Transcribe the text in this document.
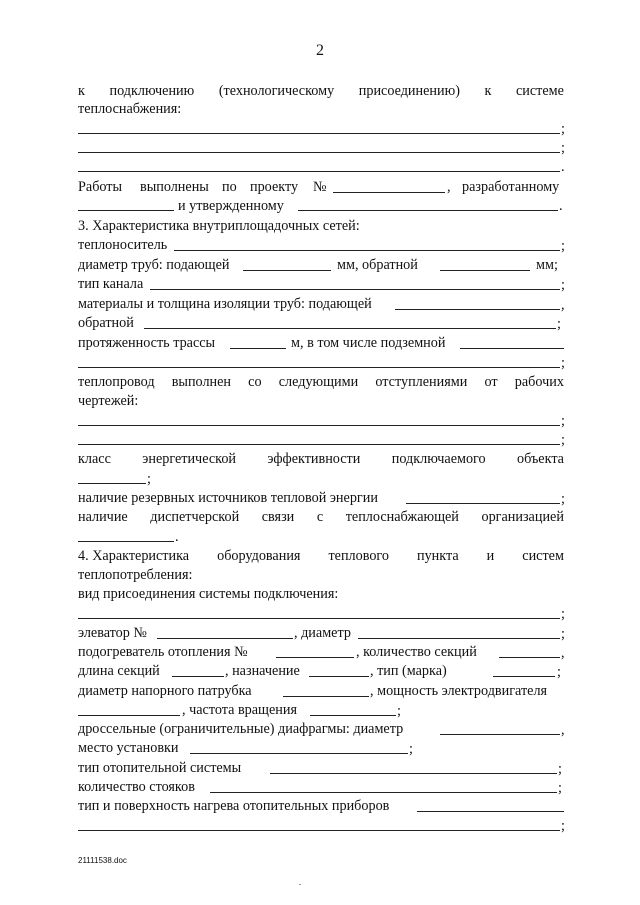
2
к подключению (технологическому присоединению) к системе
теплоснабжения:
;
;
.
Работы выполнены по проекту №	, разработанному
и утвержденному	.
3. Характеристика внутриплощадочных сетей:
теплоноситель	;
диаметр труб: подающей	мм, обратной	мм;
тип канала	;
материалы и толщина изоляции труб: подающей	,
обратной	;
протяженность трассы	м, в том числе подземной
;
теплопровод выполнен со следующими отступлениями от рабочих
чертежей:
;
;
класс энергетической эффективности подключаемого объекта
;
наличие резервных источников тепловой энергии	;
наличие диспетчерской связи с теплоснабжающей организацией
.
4. Характеристика оборудования теплового пункта и систем
теплопотребления:
вид присоединения системы подключения:
;
элеватор №	, диаметр	;
подогреватель отопления №	, количество секций	,
длина секций	, назначение	, тип (марка)	;
диаметр напорного патрубка	, мощность электродвигателя
, частота вращения	;
дроссельные (ограничительные) диафрагмы: диаметр	,
место установки	;
тип отопительной системы	;
количество стояков	;
тип и поверхность нагрева отопительных приборов
;
21111538.doc
